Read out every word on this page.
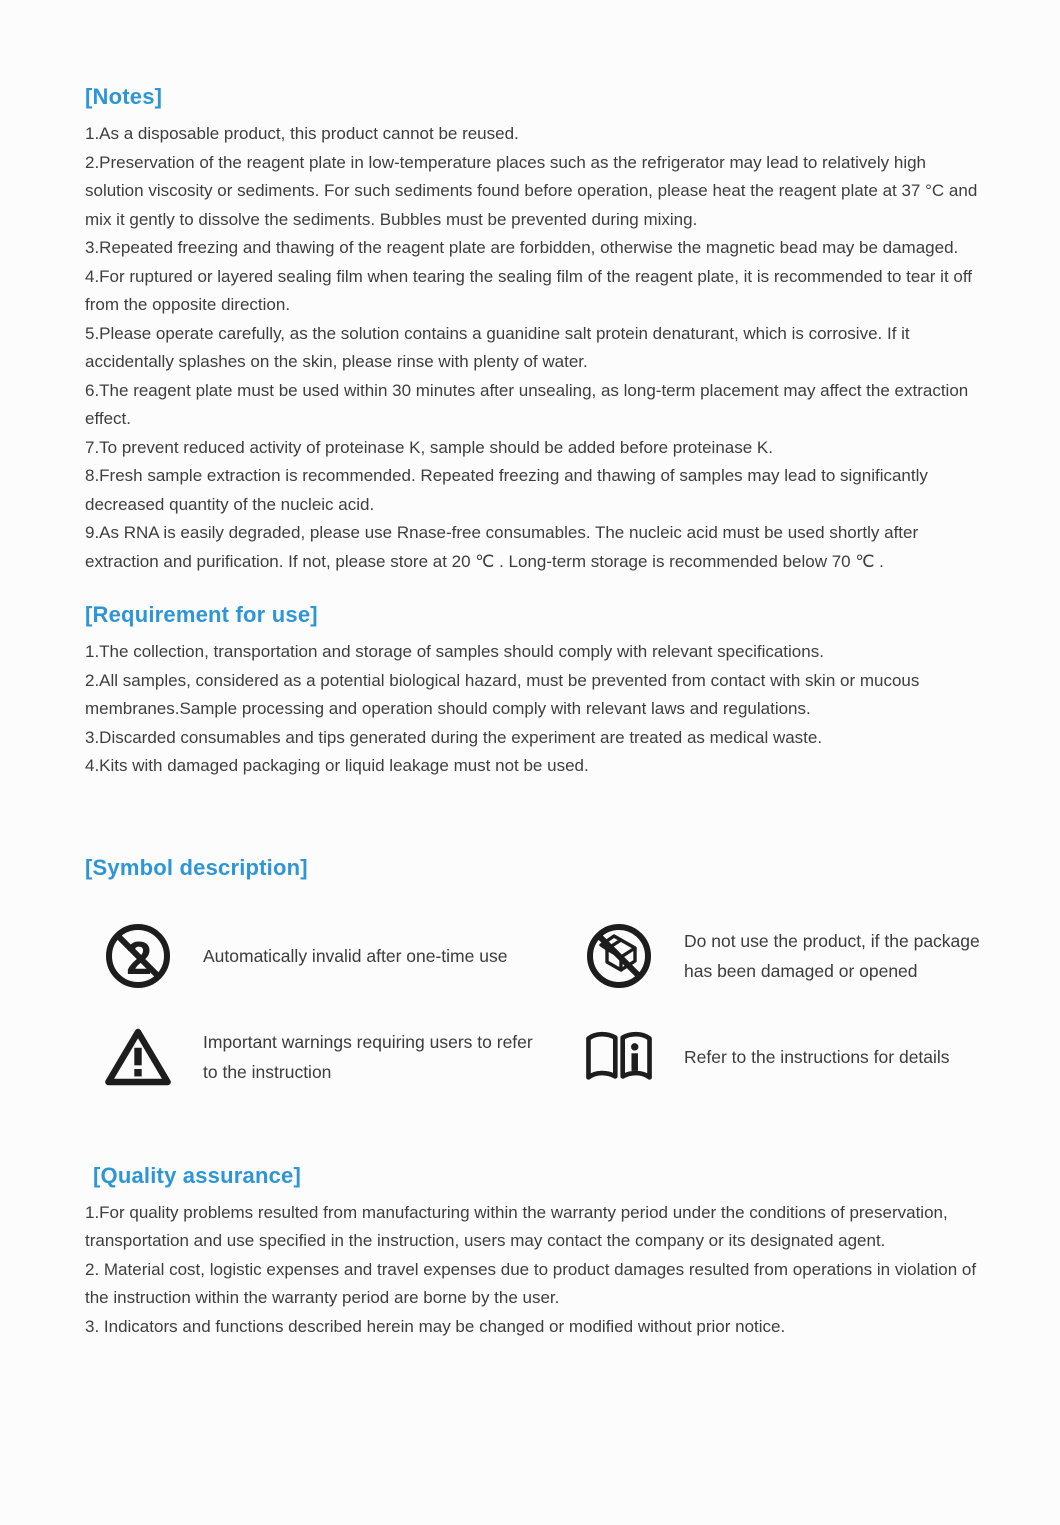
[Notes]

1.As a disposable product, this product cannot be reused.

2.Preservation of the reagent plate in low-temperature places such as the refrigerator may lead to relatively high solution viscosity or sediments. For such sediments found before operation, please heat the reagent plate at 37 °C and mix it gently to dissolve the sediments. Bubbles must be prevented during mixing.

3.Repeated freezing and thawing of the reagent plate are forbidden, otherwise the magnetic bead may be damaged.

4.For ruptured or layered sealing film when tearing the sealing film of the reagent plate, it is recommended to tear it off from the opposite direction.

5.Please operate carefully, as the solution contains a guanidine salt protein denaturant, which is corrosive. If it accidentally splashes on the skin, please rinse with plenty of water.

6.The reagent plate must be used within 30 minutes after unsealing, as long-term placement may affect the extraction effect.

7.To prevent reduced activity of proteinase K, sample should be added before proteinase K.

8.Fresh sample extraction is recommended. Repeated freezing and thawing of samples may lead to significantly decreased quantity of the nucleic acid.

9.As RNA is easily degraded, please use Rnase-free consumables. The nucleic acid must be used shortly after extraction and purification. If not, please store at 20 ℃ . Long-term storage is recommended below 70 ℃ .

[Requirement for use]

1.The collection, transportation and storage of samples should comply with relevant specifications.

2.All samples, considered as a potential biological hazard, must be prevented from contact with skin or mucous membranes.Sample processing and operation should comply with relevant laws and regulations.

3.Discarded consumables and tips generated during the experiment are treated as medical waste.

4.Kits with damaged packaging or liquid leakage must not be used.

[Symbol description]
2	Automatically invalid after one-time use
Do not use the product, if the package has been damaged or opened
Important warnings requiring users to refer to the instruction
Refer to the instructions for details
[Quality assurance]

1.For quality problems resulted from manufacturing within the warranty period under the conditions of preservation, transportation and use specified in the instruction, users may contact the company or its designated agent.

2. Material cost, logistic expenses and travel expenses due to product damages resulted from operations in violation of the instruction within the warranty period are borne by the user.

3. Indicators and functions described herein may be changed or modified without prior notice.
